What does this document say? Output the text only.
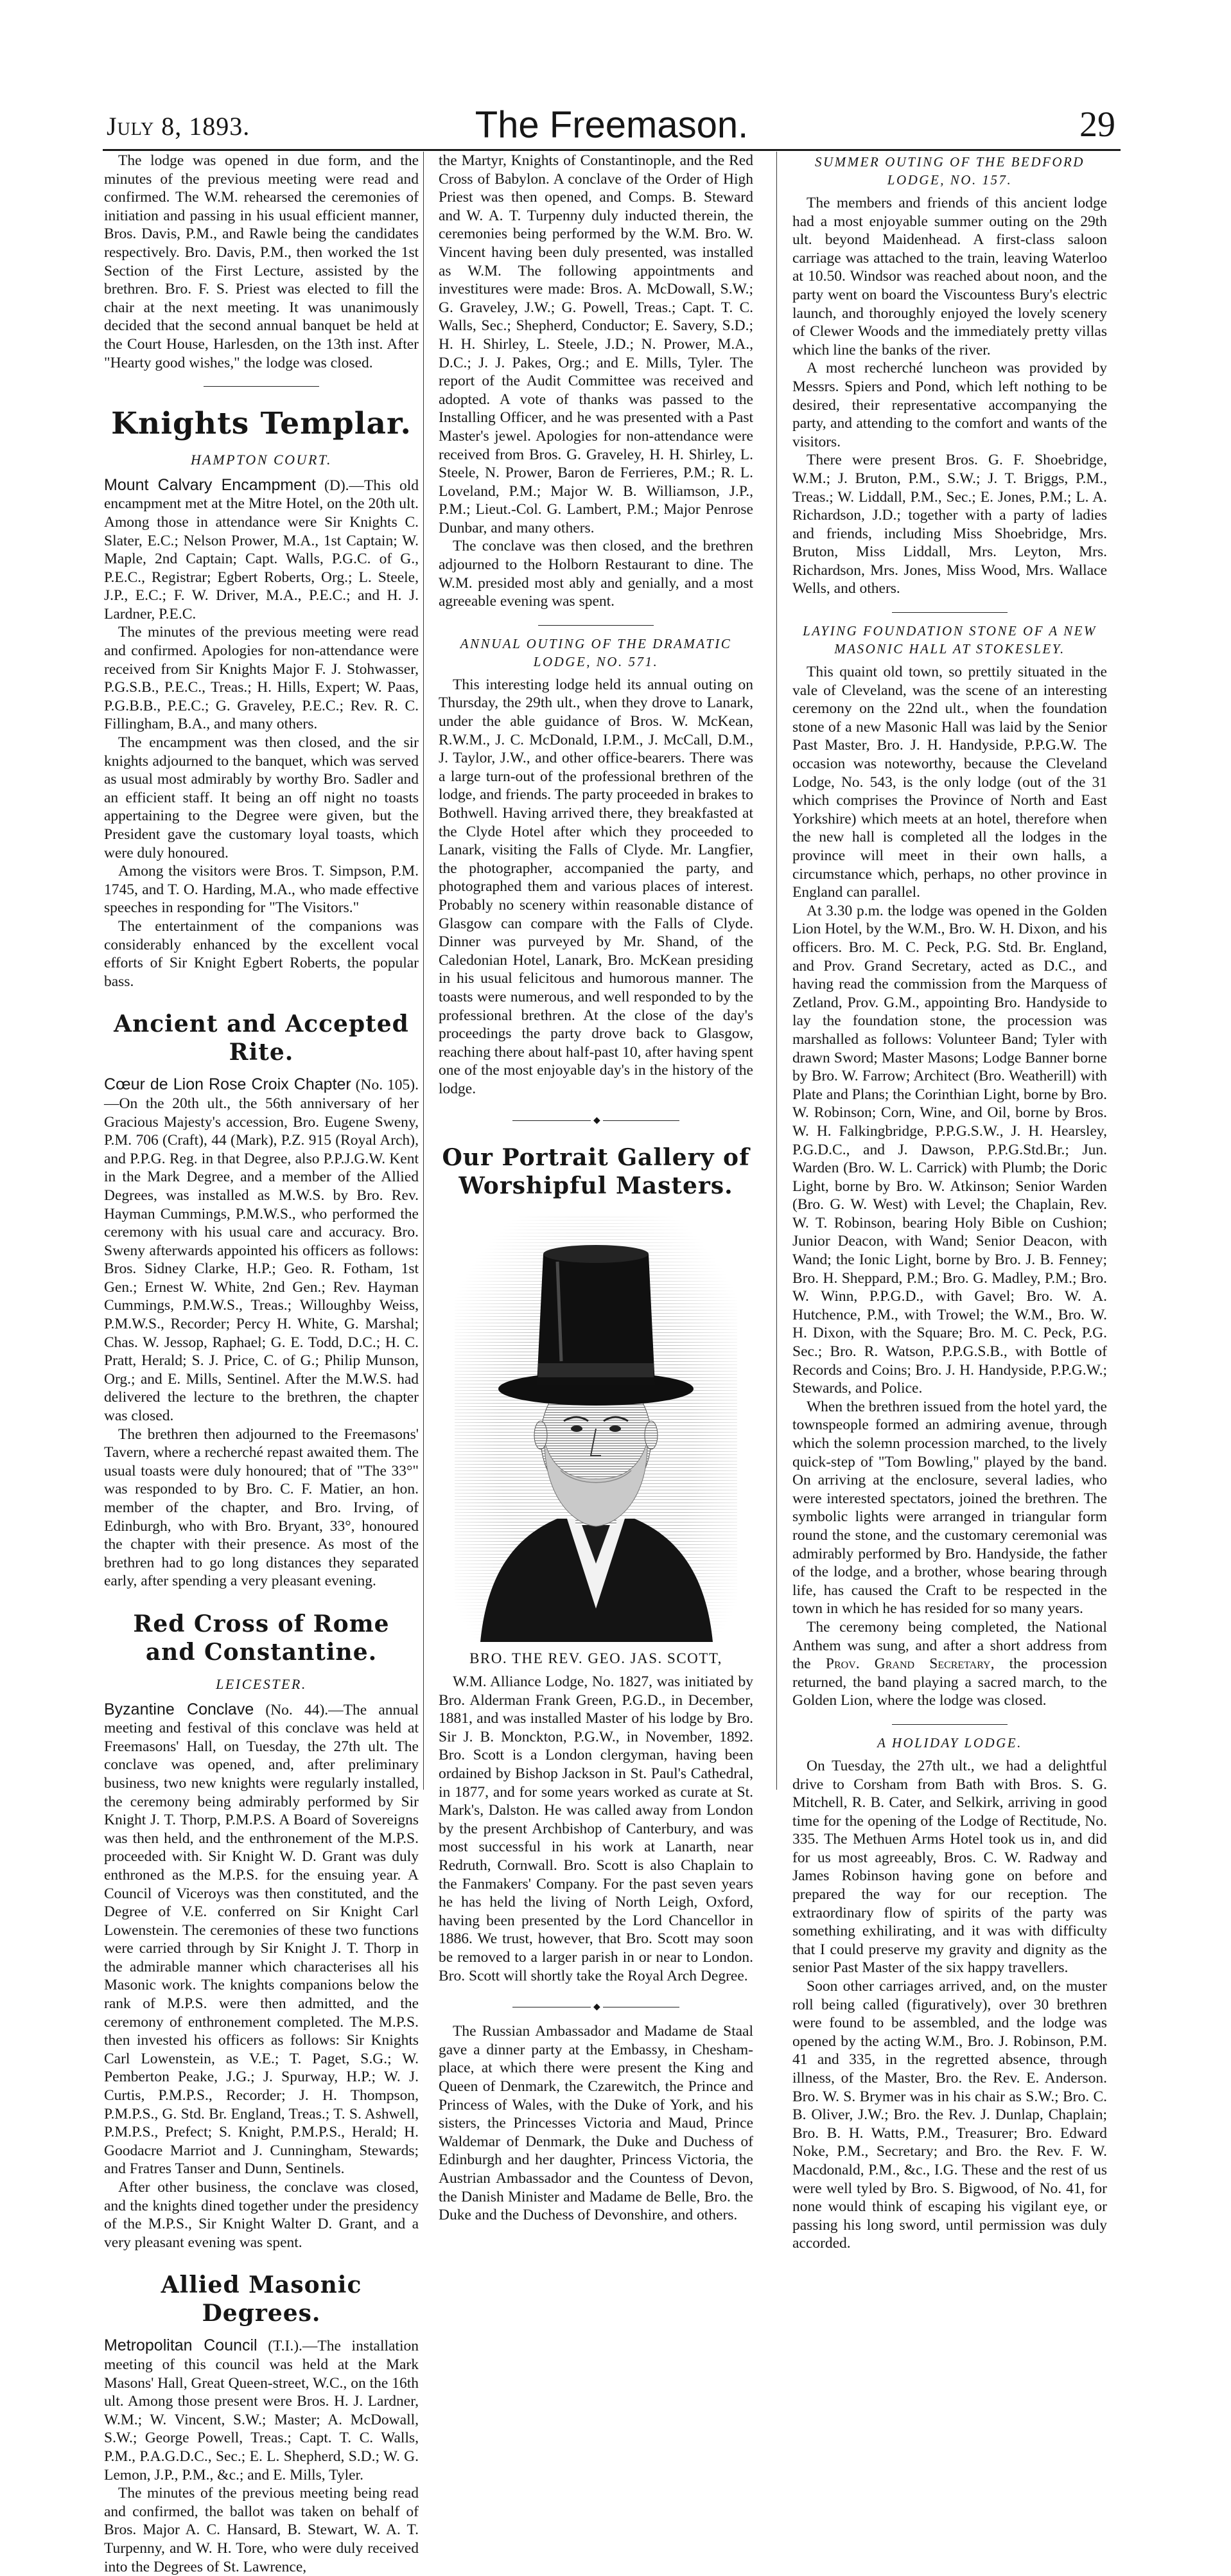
July 8, 1893.	The Freemason.	29

The lodge was opened in due form, and the minutes of the previous meeting were read and confirmed. The W.M. rehearsed the ceremonies of initiation and passing in his usual efficient manner, Bros. Davis, P.M., and Rawle being the candidates respectively. Bro. Davis, P.M., then worked the 1st Section of the First Lecture, assisted by the brethren. Bro. F. S. Priest was elected to fill the chair at the next meeting. It was unanimously decided that the second annual banquet be held at the Court House, Harlesden, on the 13th inst. After "Hearty good wishes," the lodge was closed.

Knights Templar.
HAMPTON COURT.

Mount Calvary Encampment (D).—This old encampment met at the Mitre Hotel, on the 20th ult. Among those in attendance were Sir Knights C. Slater, E.C.; Nelson Prower, M.A., 1st Captain; W. Maple, 2nd Captain; Capt. Walls, P.G.C. of G., P.E.C., Registrar; Egbert Roberts, Org.; L. Steele, J.P., E.C.; F. W. Driver, M.A., P.E.C.; and H. J. Lardner, P.E.C.

The minutes of the previous meeting were read and confirmed. Apologies for non-attendance were received from Sir Knights Major F. J. Stohwasser, P.G.S.B., P.E.C., Treas.; H. Hills, Expert; W. Paas, P.G.B.B., P.E.C.; G. Graveley, P.E.C.; Rev. R. C. Fillingham, B.A., and many others.

The encampment was then closed, and the sir knights adjourned to the banquet, which was served as usual most admirably by worthy Bro. Sadler and an efficient staff. It being an off night no toasts appertaining to the Degree were given, but the President gave the customary loyal toasts, which were duly honoured.

Among the visitors were Bros. T. Simpson, P.M. 1745, and T. O. Harding, M.A., who made effective speeches in responding for "The Visitors."

The entertainment of the companions was considerably enhanced by the excellent vocal efforts of Sir Knight Egbert Roberts, the popular bass.

Ancient and Accepted Rite.

Cœur de Lion Rose Croix Chapter (No. 105).—On the 20th ult., the 56th anniversary of her Gracious Majesty's accession, Bro. Eugene Sweny, P.M. 706 (Craft), 44 (Mark), P.Z. 915 (Royal Arch), and P.P.G. Reg. in that Degree, also P.P.J.G.W. Kent in the Mark Degree, and a member of the Allied Degrees, was installed as M.W.S. by Bro. Rev. Hayman Cummings, P.M.W.S., who performed the ceremony with his usual care and accuracy. Bro. Sweny afterwards appointed his officers as follows: Bros. Sidney Clarke, H.P.; Geo. R. Fotham, 1st Gen.; Ernest W. White, 2nd Gen.; Rev. Hayman Cummings, P.M.W.S., Treas.; Willoughby Weiss, P.M.W.S., Recorder; Percy H. White, G. Marshal; Chas. W. Jessop, Raphael; G. E. Todd, D.C.; H. C. Pratt, Herald; S. J. Price, C. of G.; Philip Munson, Org.; and E. Mills, Sentinel. After the M.W.S. had delivered the lecture to the brethren, the chapter was closed.

The brethren then adjourned to the Freemasons' Tavern, where a recherché repast awaited them. The usual toasts were duly honoured; that of "The 33°" was responded to by Bro. C. F. Matier, an hon. member of the chapter, and Bro. Irving, of Edinburgh, who with Bro. Bryant, 33°, honoured the chapter with their presence. As most of the brethren had to go long distances they separated early, after spending a very pleasant evening.

Red Cross of Rome and Constantine.
LEICESTER.

Byzantine Conclave (No. 44).—The annual meeting and festival of this conclave was held at Freemasons' Hall, on Tuesday, the 27th ult. The conclave was opened, and, after preliminary business, two new knights were regularly installed, the ceremony being admirably performed by Sir Knight J. T. Thorp, P.M.P.S. A Board of Sovereigns was then held, and the enthronement of the M.P.S. proceeded with. Sir Knight W. D. Grant was duly enthroned as the M.P.S. for the ensuing year. A Council of Viceroys was then constituted, and the Degree of V.E. conferred on Sir Knight Carl Lowenstein. The ceremonies of these two functions were carried through by Sir Knight J. T. Thorp in the admirable manner which characterises all his Masonic work. The knights companions below the rank of M.P.S. were then admitted, and the ceremony of enthronement completed. The M.P.S. then invested his officers as follows: Sir Knights Carl Lowenstein, as V.E.; T. Paget, S.G.; W. Pemberton Peake, J.G.; J. Spurway, H.P.; W. J. Curtis, P.M.P.S., Recorder; J. H. Thompson, P.M.P.S., G. Std. Br. England, Treas.; T. S. Ashwell, P.M.P.S., Prefect; S. Knight, P.M.P.S., Herald; H. Goodacre Marriot and J. Cunningham, Stewards; and Fratres Tanser and Dunn, Sentinels.

After other business, the conclave was closed, and the knights dined together under the presidency of the M.P.S., Sir Knight Walter D. Grant, and a very pleasant evening was spent.

Allied Masonic Degrees.

Metropolitan Council (T.I.).—The installation meeting of this council was held at the Mark Masons' Hall, Great Queen-street, W.C., on the 16th ult. Among those present were Bros. H. J. Lardner, W.M.; W. Vincent, S.W.; Master; A. McDowall, S.W.; George Powell, Treas.; Capt. T. C. Walls, P.M., P.A.G.D.C., Sec.; E. L. Shepherd, S.D.; W. G. Lemon, J.P., P.M., &c.; and E. Mills, Tyler.

The minutes of the previous meeting being read and confirmed, the ballot was taken on behalf of Bros. Major A. C. Hansard, B. Stewart, W. A. T. Turpenny, and W. H. Tore, who were duly received into the Degrees of St. Lawrence,

the Martyr, Knights of Constantinople, and the Red Cross of Babylon. A conclave of the Order of High Priest was then opened, and Comps. B. Steward and W. A. T. Turpenny duly inducted therein, the ceremonies being performed by the W.M. Bro. W. Vincent having been duly presented, was installed as W.M. The following appointments and investitures were made: Bros. A. McDowall, S.W.; G. Graveley, J.W.; G. Powell, Treas.; Capt. T. C. Walls, Sec.; Shepherd, Conductor; E. Savery, S.D.; H. H. Shirley, L. Steele, J.D.; N. Prower, M.A., D.C.; J. J. Pakes, Org.; and E. Mills, Tyler. The report of the Audit Committee was received and adopted. A vote of thanks was passed to the Installing Officer, and he was presented with a Past Master's jewel. Apologies for non-attendance were received from Bros. G. Graveley, H. H. Shirley, L. Steele, N. Prower, Baron de Ferrieres, P.M.; R. L. Loveland, P.M.; Major W. B. Williamson, J.P., P.M.; Lieut.-Col. G. Lambert, P.M.; Major Penrose Dunbar, and many others.

The conclave was then closed, and the brethren adjourned to the Holborn Restaurant to dine. The W.M. presided most ably and genially, and a most agreeable evening was spent.

ANNUAL OUTING OF THE DRAMATIC LODGE, NO. 571.

This interesting lodge held its annual outing on Thursday, the 29th ult., when they drove to Lanark, under the able guidance of Bros. W. McKean, R.W.M., J. C. McDonald, I.P.M., J. McCall, D.M., J. Taylor, J.W., and other office-bearers. There was a large turn-out of the professional brethren of the lodge, and friends. The party proceeded in brakes to Bothwell. Having arrived there, they breakfasted at the Clyde Hotel after which they proceeded to Lanark, visiting the Falls of Clyde. Mr. Langfier, the photographer, accompanied the party, and photographed them and various places of interest. Probably no scenery within reasonable distance of Glasgow can compare with the Falls of Clyde. Dinner was purveyed by Mr. Shand, of the Caledonian Hotel, Lanark, Bro. McKean presiding in his usual felicitous and humorous manner. The toasts were numerous, and well responded to by the professional brethren. At the close of the day's proceedings the party drove back to Glasgow, reaching there about half-past 10, after having spent one of the most enjoyable day's in the history of the lodge.

◆
Our Portrait Gallery of Worshipful Masters.
BRO. THE REV. GEO. JAS. SCOTT,

W.M. Alliance Lodge, No. 1827, was initiated by Bro. Alderman Frank Green, P.G.D., in December, 1881, and was installed Master of his lodge by Bro. Sir J. B. Monckton, P.G.W., in November, 1892. Bro. Scott is a London clergyman, having been ordained by Bishop Jackson in St. Paul's Cathedral, in 1877, and for some years worked as curate at St. Mark's, Dalston. He was called away from London by the present Archbishop of Canterbury, and was most successful in his work at Lanarth, near Redruth, Cornwall. Bro. Scott is also Chaplain to the Fanmakers' Company. For the past seven years he has held the living of North Leigh, Oxford, having been presented by the Lord Chancellor in 1886. We trust, however, that Bro. Scott may soon be removed to a larger parish in or near to London. Bro. Scott will shortly take the Royal Arch Degree.

◆

The Russian Ambassador and Madame de Staal gave a dinner party at the Embassy, in Chesham-place, at which there were present the King and Queen of Denmark, the Czarewitch, the Prince and Princess of Wales, with the Duke of York, and his sisters, the Princesses Victoria and Maud, Prince Waldemar of Denmark, the Duke and Duchess of Edinburgh and her daughter, Princess Victoria, the Austrian Ambassador and the Countess of Devon, the Danish Minister and Madame de Belle, Bro. the Duke and the Duchess of Devonshire, and others.

SUMMER OUTING OF THE BEDFORD LODGE, NO. 157.

The members and friends of this ancient lodge had a most enjoyable summer outing on the 29th ult. beyond Maidenhead. A first-class saloon carriage was attached to the train, leaving Waterloo at 10.50. Windsor was reached about noon, and the party went on board the Viscountess Bury's electric launch, and thoroughly enjoyed the lovely scenery of Clewer Woods and the immediately pretty villas which line the banks of the river.

A most recherché luncheon was provided by Messrs. Spiers and Pond, which left nothing to be desired, their representative accompanying the party, and attending to the comfort and wants of the visitors.

There were present Bros. G. F. Shoebridge, W.M.; J. Bruton, P.M., S.W.; J. T. Briggs, P.M., Treas.; W. Liddall, P.M., Sec.; E. Jones, P.M.; L. A. Richardson, J.D.; together with a party of ladies and friends, including Miss Shoebridge, Mrs. Bruton, Miss Liddall, Mrs. Leyton, Mrs. Richardson, Mrs. Jones, Miss Wood, Mrs. Wallace Wells, and others.

LAYING FOUNDATION STONE OF A NEW MASONIC HALL AT STOKESLEY.

This quaint old town, so prettily situated in the vale of Cleveland, was the scene of an interesting ceremony on the 22nd ult., when the foundation stone of a new Masonic Hall was laid by the Senior Past Master, Bro. J. H. Handyside, P.P.G.W. The occasion was noteworthy, because the Cleveland Lodge, No. 543, is the only lodge (out of the 31 which comprises the Province of North and East Yorkshire) which meets at an hotel, therefore when the new hall is completed all the lodges in the province will meet in their own halls, a circumstance which, perhaps, no other province in England can parallel.

At 3.30 p.m. the lodge was opened in the Golden Lion Hotel, by the W.M., Bro. W. H. Dixon, and his officers. Bro. M. C. Peck, P.G. Std. Br. England, and Prov. Grand Secretary, acted as D.C., and having read the commission from the Marquess of Zetland, Prov. G.M., appointing Bro. Handyside to lay the foundation stone, the procession was marshalled as follows: Volunteer Band; Tyler with drawn Sword; Master Masons; Lodge Banner borne by Bro. W. Farrow; Architect (Bro. Weatherill) with Plate and Plans; the Corinthian Light, borne by Bro. W. Robinson; Corn, Wine, and Oil, borne by Bros. W. H. Falkingbridge, P.P.G.S.W., J. H. Hearsley, P.G.D.C., and J. Dawson, P.P.G.Std.Br.; Jun. Warden (Bro. W. L. Carrick) with Plumb; the Doric Light, borne by Bro. W. Atkinson; Senior Warden (Bro. G. W. West) with Level; the Chaplain, Rev. W. T. Robinson, bearing Holy Bible on Cushion; Junior Deacon, with Wand; Senior Deacon, with Wand; the Ionic Light, borne by Bro. J. B. Fenney; Bro. H. Sheppard, P.M.; Bro. G. Madley, P.M.; Bro. W. Winn, P.P.G.D., with Gavel; Bro. W. A. Hutchence, P.M., with Trowel; the W.M., Bro. W. H. Dixon, with the Square; Bro. M. C. Peck, P.G. Sec.; Bro. R. Watson, P.P.G.S.B., with Bottle of Records and Coins; Bro. J. H. Handyside, P.P.G.W.; Stewards, and Police.

When the brethren issued from the hotel yard, the townspeople formed an admiring avenue, through which the solemn procession marched, to the lively quick-step of "Tom Bowling," played by the band. On arriving at the enclosure, several ladies, who were interested spectators, joined the brethren. The symbolic lights were arranged in triangular form round the stone, and the customary ceremonial was admirably performed by Bro. Handyside, the father of the lodge, and a brother, whose bearing through life, has caused the Craft to be respected in the town in which he has resided for so many years.

The ceremony being completed, the National Anthem was sung, and after a short address from the Prov. Grand Secretary, the procession returned, the band playing a sacred march, to the Golden Lion, where the lodge was closed.

A HOLIDAY LODGE.

On Tuesday, the 27th ult., we had a delightful drive to Corsham from Bath with Bros. S. G. Mitchell, R. B. Cater, and Selkirk, arriving in good time for the opening of the Lodge of Rectitude, No. 335. The Methuen Arms Hotel took us in, and did for us most agreeably, Bros. C. W. Radway and James Robinson having gone on before and prepared the way for our reception. The extraordinary flow of spirits of the party was something exhilirating, and it was with difficulty that I could preserve my gravity and dignity as the senior Past Master of the six happy travellers.

Soon other carriages arrived, and, on the muster roll being called (figuratively), over 30 brethren were found to be assembled, and the lodge was opened by the acting W.M., Bro. J. Robinson, P.M. 41 and 335, in the regretted absence, through illness, of the Master, Bro. the Rev. E. Anderson. Bro. W. S. Brymer was in his chair as S.W.; Bro. C. B. Oliver, J.W.; Bro. the Rev. J. Dunlap, Chaplain; Bro. B. H. Watts, P.M., Treasurer; Bro. Edward Noke, P.M., Secretary; and Bro. the Rev. F. W. Macdonald, P.M., &c., I.G. These and the rest of us were well tyled by Bro. S. Bigwood, of No. 41, for none would think of escaping his vigilant eye, or passing his long sword, until permission was duly accorded.
